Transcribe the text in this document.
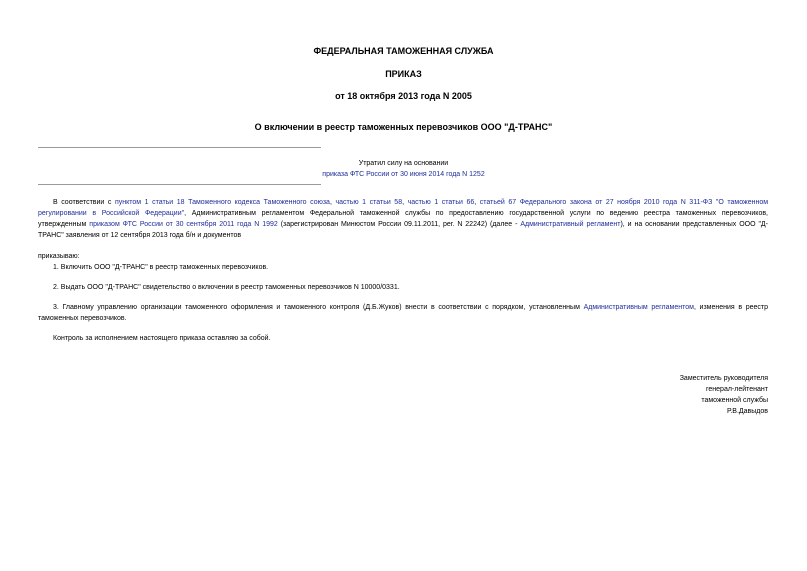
ФЕДЕРАЛЬНАЯ ТАМОЖЕННАЯ СЛУЖБА
ПРИКАЗ
от 18 октября 2013 года N 2005
О включении в реестр таможенных перевозчиков ООО "Д-ТРАНС"
Утратил силу на основании
приказа ФТС России от 30 июня 2014 года N 1252
В соответствии с пунктом 1 статьи 18 Таможенного кодекса Таможенного союза, частью 1 статьи 58, частью 1 статьи 66, статьей 67 Федерального закона от 27 ноября 2010 года N 311-ФЗ "О таможенном
регулировании в Российской Федерации", Административным регламентом Федеральной таможенной службы по предоставлению государственной услуги по ведению реестра таможенных перевозчиков,
утвержденным приказом ФТС России от 30 сентября 2011 года N 1992 (зарегистрирован Минюстом России 09.11.2011, рег. N 22242) (далее - Административный регламент), и на основании представленных ООО "Д-
ТРАНС" заявления от 12 сентября 2013 года б/н и документов
приказываю:
1. Включить ООО "Д-ТРАНС" в реестр таможенных перевозчиков.
2. Выдать ООО "Д-ТРАНС" свидетельство о включении в реестр таможенных перевозчиков N 10000/0331.
3. Главному управлению организации таможенного оформления и таможенного контроля (Д.Б.Жуков) внести в соответствии с порядком, установленным Административным регламентом, изменения в реестр
таможенных перевозчиков.
Контроль за исполнением настоящего приказа оставляю за собой.
Заместитель руководителя
генерал-лейтенант
таможенной службы
Р.В.Давыдов
